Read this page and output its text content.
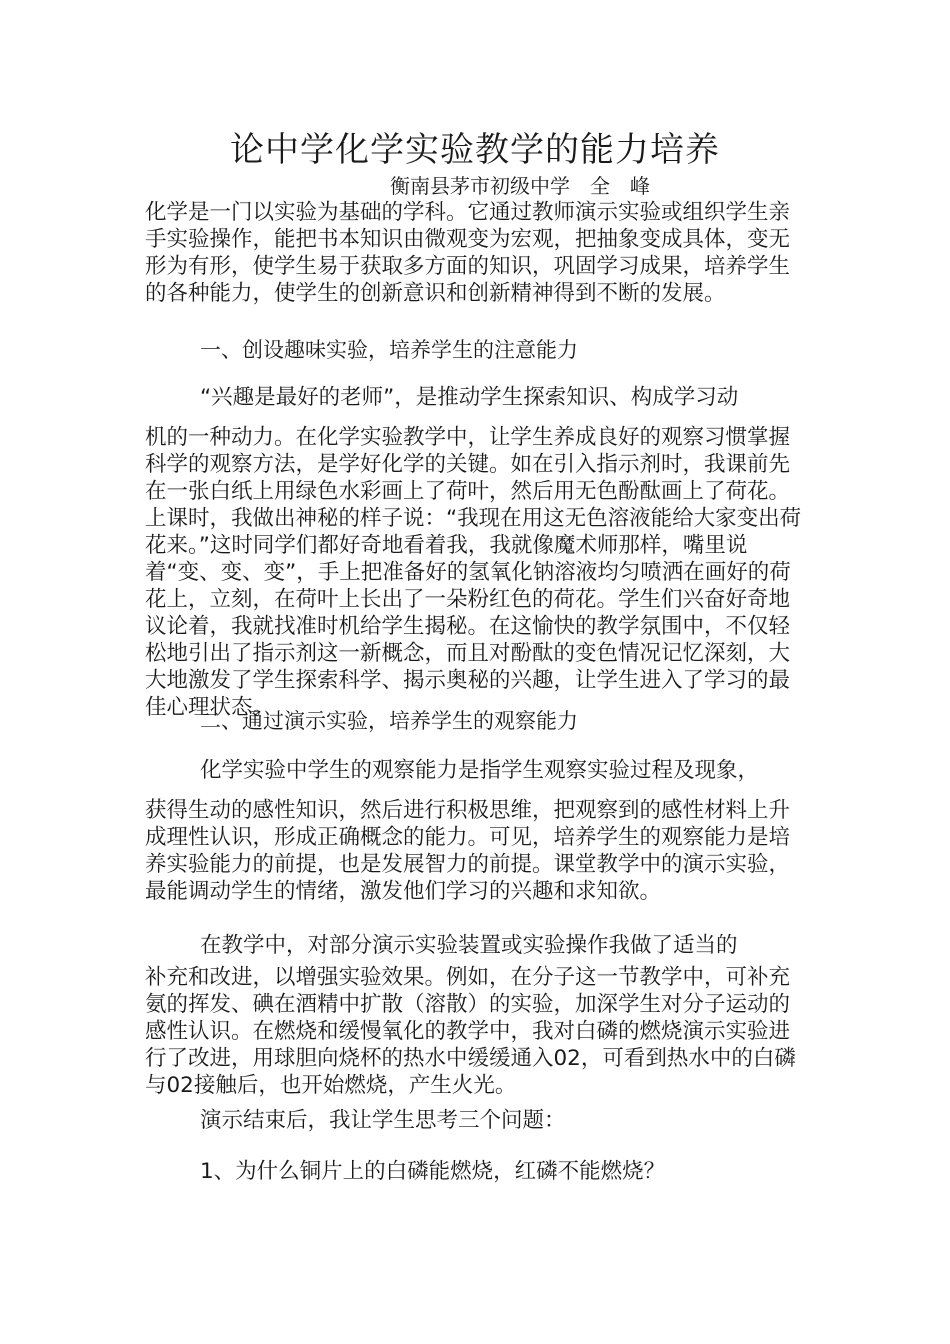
论中学化学实验教学的能力培养
衡南县茅市初级中学 全　峰
化学是一门以实验为基础的学科。它通过教师演示实验或组织学生亲手实验操作，能把书本知识由微观变为宏观，把抽象变成具体，变无形为有形，使学生易于获取多方面的知识，巩固学习成果，培养学生的各种能力，使学生的创新意识和创新精神得到不断的发展。
一、创设趣味实验，培养学生的注意能力
“兴趣是最好的老师”，是推动学生探索知识、构成学习动
机的一种动力。在化学实验教学中，让学生养成良好的观察习惯掌握科学的观察方法，是学好化学的关键。如在引入指示剂时，我课前先在一张白纸上用绿色水彩画上了荷叶，然后用无色酚酞画上了荷花。上课时，我做出神秘的样子说：“我现在用这无色溶液能给大家变出荷花来。”这时同学们都好奇地看着我，我就像魔术师那样，嘴里说着“变、变、变”，手上把准备好的氢氧化钠溶液均匀喷洒在画好的荷花上，立刻，在荷叶上长出了一朵粉红色的荷花。学生们兴奋好奇地议论着，我就找准时机给学生揭秘。在这愉快的教学氛围中，不仅轻松地引出了指示剂这一新概念，而且对酚酞的变色情况记忆深刻，大大地激发了学生探索科学、揭示奥秘的兴趣，让学生进入了学习的最佳心理状态。
二、通过演示实验，培养学生的观察能力
化学实验中学生的观察能力是指学生观察实验过程及现象，
获得生动的感性知识，然后进行积极思维，把观察到的感性材料上升成理性认识，形成正确概念的能力。可见，培养学生的观察能力是培养实验能力的前提，也是发展智力的前提。课堂教学中的演示实验，最能调动学生的情绪，激发他们学习的兴趣和求知欲。
在教学中，对部分演示实验装置或实验操作我做了适当的
补充和改进，以增强实验效果。例如，在分子这一节教学中，可补充氨的挥发、碘在酒精中扩散（溶散）的实验，加深学生对分子运动的感性认识。在燃烧和缓慢氧化的教学中，我对白磷的燃烧演示实验进行了改进，用球胆向烧杯的热水中缓缓通入02，可看到热水中的白磷与02接触后，也开始燃烧，产生火光。
演示结束后，我让学生思考三个问题：
1、为什么铜片上的白磷能燃烧，红磷不能燃烧？
